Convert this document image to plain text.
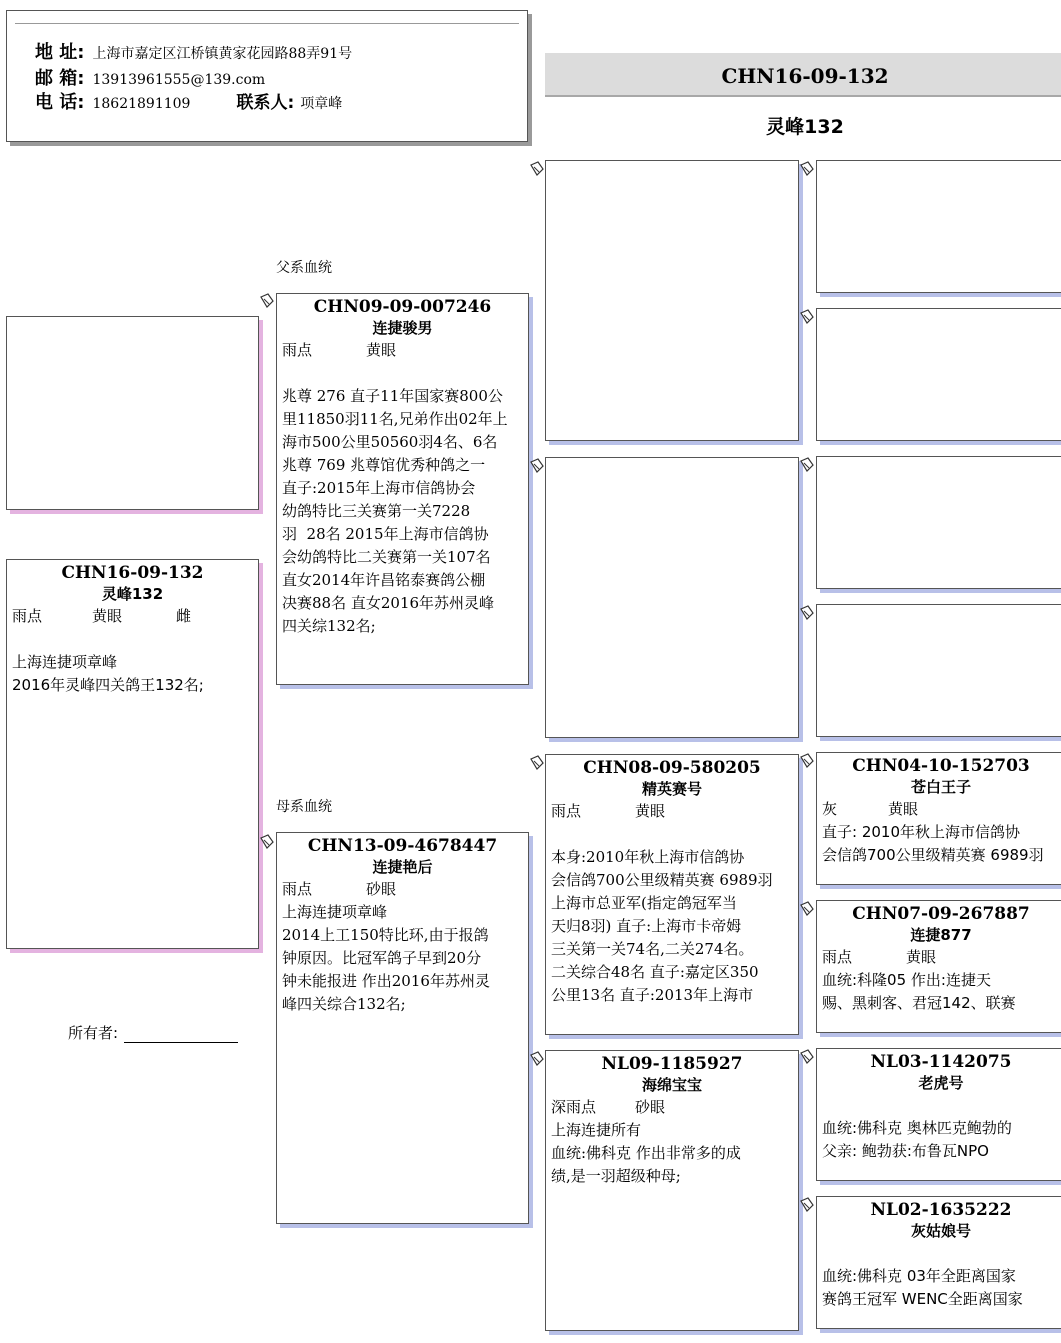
地 址: 上海市嘉定区江桥镇黄家花园路88弄91号
邮 箱: 13913961555@139.com
电 话: 18621891109	联系人: 项章峰
CHN16-09-132
灵峰132
CHN16-09-132
灵峰132
雨点	黄眼	雌
上海连捷项章峰
2016年灵峰四关鸽王132名;
所有者:
父系血统
母系血统
CHN09-09-007246
连捷骏男
雨点	黄眼
兆尊 276 直子11年国家赛800公
里11850羽11名,兄弟作出02年上
海市500公里50560羽4名、6名
兆尊 769 兆尊馆优秀种鸽之一
直子:2015年上海市信鸽协会
幼鸽特比三关赛第一关7228
羽  28名 2015年上海市信鸽协
会幼鸽特比二关赛第一关107名
直女2014年许昌铭泰赛鸽公棚
决赛88名 直女2016年苏州灵峰
四关综132名;
CHN13-09-4678447
连捷艳后
雨点	砂眼
上海连捷项章峰
2014上工150特比环,由于报鸽
钟原因。比冠军鸽子早到20分
钟未能报进 作出2016年苏州灵
峰四关综合132名;
CHN08-09-580205
精英赛号
雨点	黄眼
本身:2010年秋上海市信鸽协
会信鸽700公里级精英赛 6989羽
上海市总亚军(指定鸽冠军当
天归8羽) 直子:上海市卡帝姆
三关第一关74名,二关274名。
二关综合48名 直子:嘉定区350
公里13名 直子:2013年上海市
NL09-1185927
海绵宝宝
深雨点	砂眼
上海连捷所有
血统:佛科克 作出非常多的成
绩,是一羽超级种母;
CHN04-10-152703
苍白王子
灰	黄眼
直子: 2010年秋上海市信鸽协
会信鸽700公里级精英赛 6989羽
CHN07-09-267887
连捷877
雨点	黄眼
血统:科隆05 作出:连捷天
赐、黑刺客、君冠142、联赛
NL03-1142075
老虎号
血统:佛科克 奥林匹克鲍勃的
父亲: 鲍勃获:布鲁瓦NPO
NL02-1635222
灰姑娘号
血统:佛科克 03年全距离国家
赛鸽王冠军 WENC全距离国家
